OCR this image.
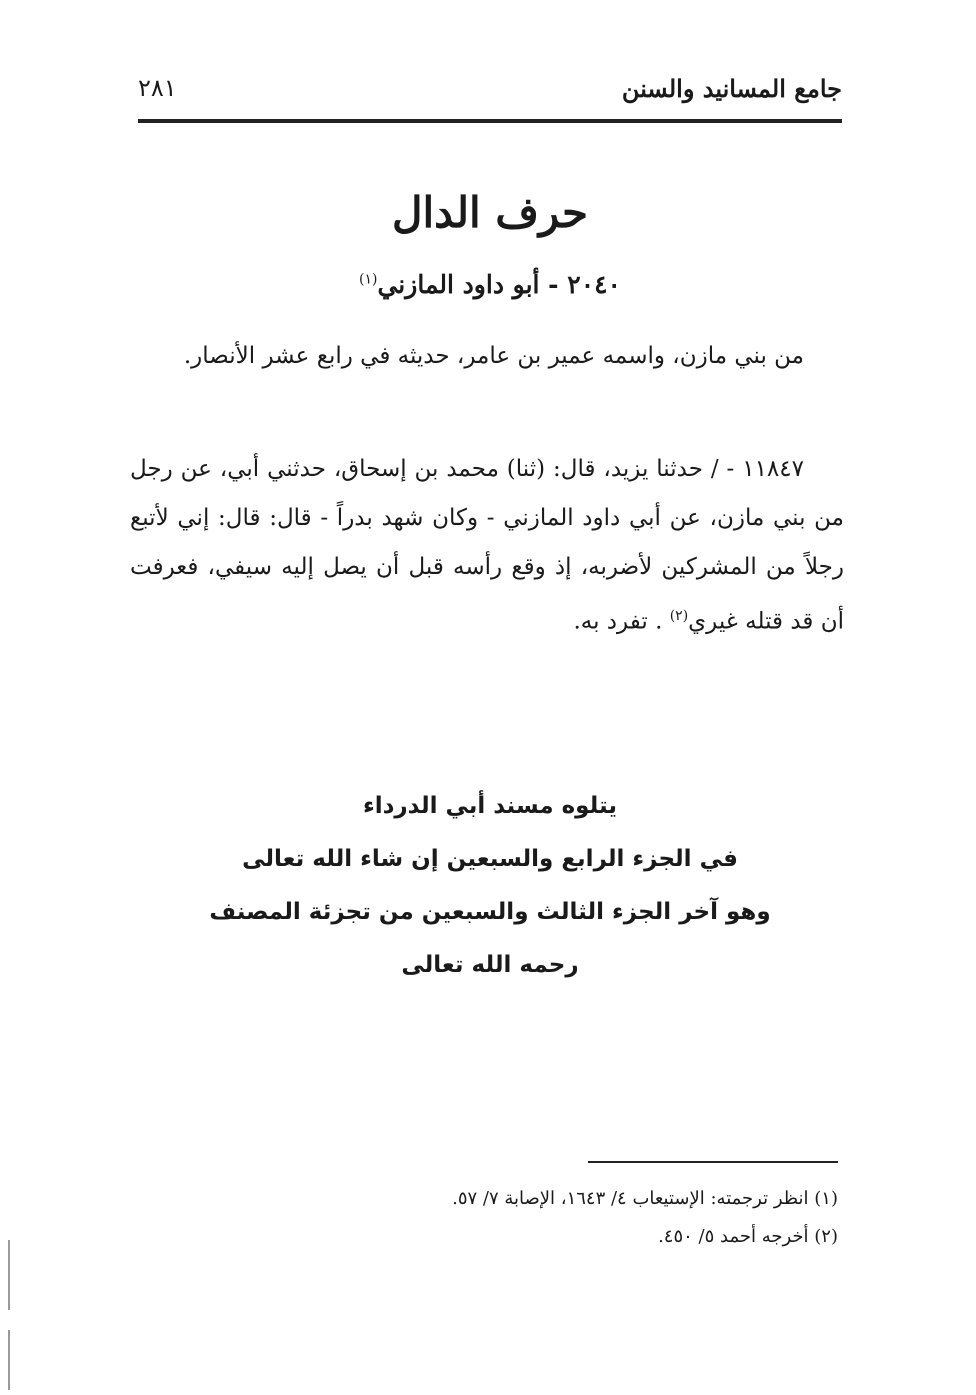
جامع المسانيد والسنن
٢٨١
حرف الدال
٢٠٤٠ - أبو داود المازني$^{(١)}$

من بني مازن، واسمه عمير بن عامر، حديثه في رابع عشر الأنصار.

١١٨٤٧ - / حدثنا يزيد، قال: (ثنا) محمد بن إسحاق، حدثني أبي، عن رجل من بني مازن، عن أبي داود المازني - وكان شهد بدراً - قال: قال: إني لأتبع رجلاً من المشركين لأضربه، إذ وقع رأسه قبل أن يصل إليه سيفي، فعرفت أن قد قتله غيري$^{(٢)}$ . تفرد به.

يتلوه مسند أبي الدرداء
في الجزء الرابع والسبعين إن شاء الله تعالى
وهو آخر الجزء الثالث والسبعين من تجزئة المصنف
رحمه الله تعالى
(١) انظر ترجمته: الإستيعاب ٤/ ١٦٤٣، الإصابة ٧/ ٥٧.
(٢) أخرجه أحمد ٥/ ٤٥٠.
